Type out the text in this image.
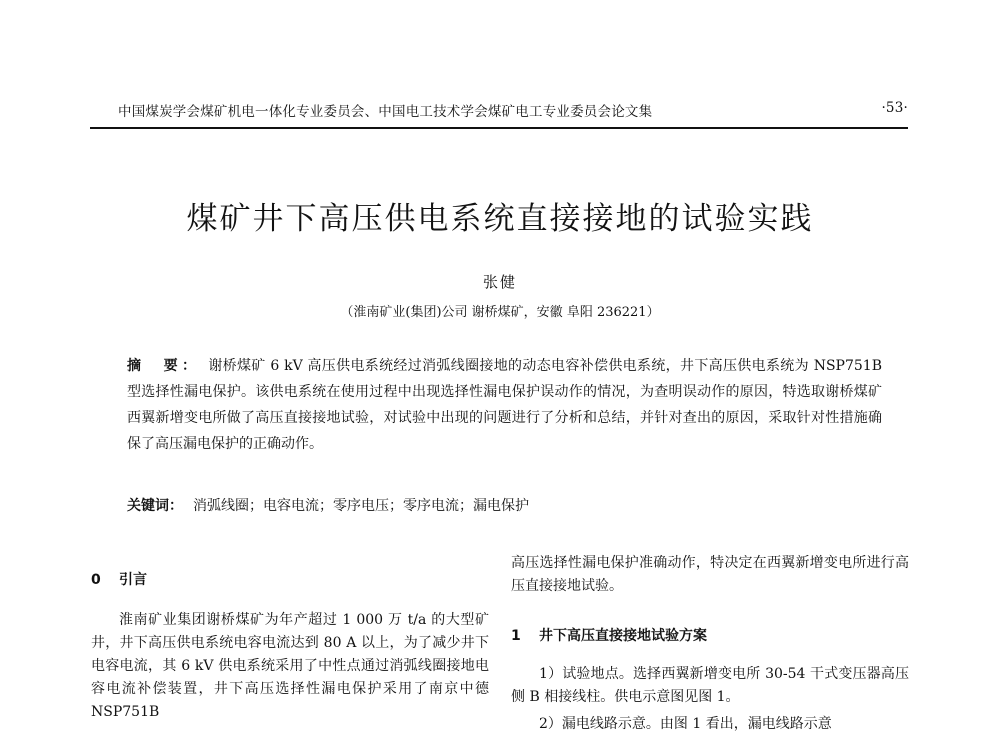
中国煤炭学会煤矿机电一体化专业委员会、中国电工技术学会煤矿电工专业委员会论文集	·53·
煤矿井下高压供电系统直接接地的试验实践
张健
（淮南矿业(集团)公司 谢桥煤矿，安徽 阜阳 236221）

摘　要： 谢桥煤矿 6 kV 高压供电系统经过消弧线圈接地的动态电容补偿供电系统，井下高压供电系统为 NSP751B 型选择性漏电保护。该供电系统在使用过程中出现选择性漏电保护误动作的情况，为查明误动作的原因，特选取谢桥煤矿西翼新增变电所做了高压直接接地试验，对试验中出现的问题进行了分析和总结，并针对查出的原因，采取针对性措施确保了高压漏电保护的正确动作。

关键词： 消弧线圈；电容电流；零序电压；零序电流；漏电保护

0 引言

淮南矿业集团谢桥煤矿为年产超过 1 000 万 t/a 的大型矿井，井下高压供电系统电容电流达到 80 A 以上，为了减少井下电容电流，其 6 kV 供电系统采用了中性点通过消弧线圈接地电容电流补偿装置，井下高压选择性漏电保护采用了南京中德 NSP751B

高压选择性漏电保护准确动作，特决定在西翼新增变电所进行高压直接接地试验。

1 井下高压直接接地试验方案

1）试验地点。选择西翼新增变电所 30-54 干式变压器高压侧 B 相接线柱。供电示意图见图 1。

2）漏电线路示意。由图 1 看出，漏电线路示意
